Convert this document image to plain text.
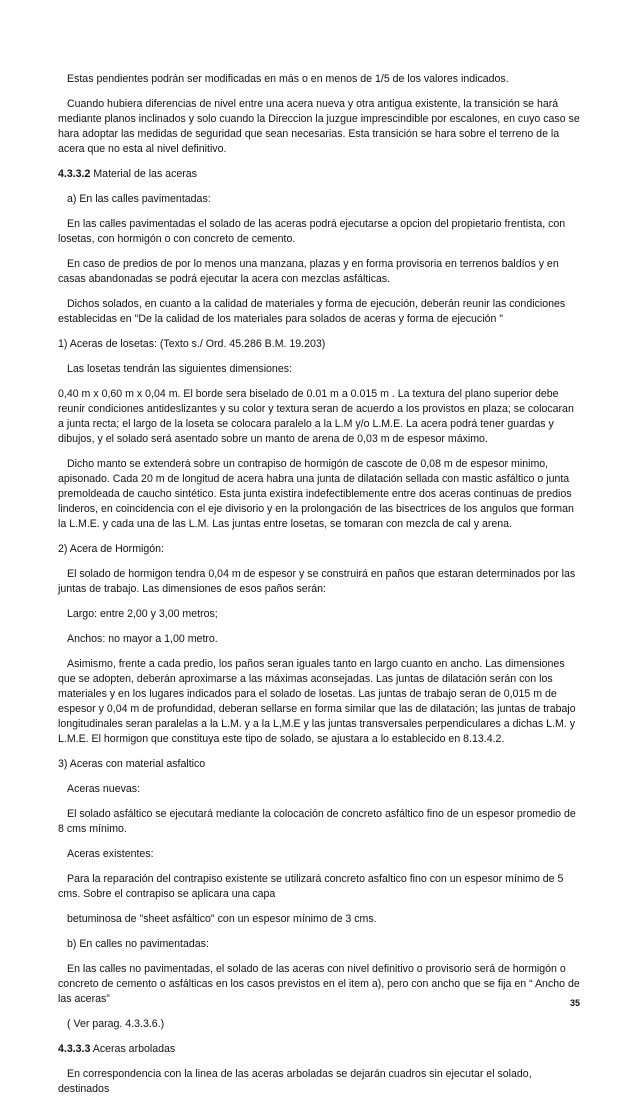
Estas pendientes podrán ser modificadas en más o en menos de 1/5 de los valores indicados.

Cuando hubiera diferencias de nivel entre una acera nueva y otra antigua existente, la transición se hará mediante planos inclinados y solo cuando la Direccion la juzgue imprescindible por escalones, en cuyo caso se hara adoptar las medidas de seguridad que sean necesarias. Esta transición se hara sobre el terreno de la acera que no esta al nivel definitivo.

4.3.3.2 Material de las aceras

a) En las calles pavimentadas:

En las calles pavimentadas el solado de las aceras podrá ejecutarse a opcion del propietario frentista, con losetas, con hormigón o con concreto de cemento.

En caso de predios de por lo menos una manzana, plazas y en forma provisoria en terrenos baldíos y en casas abandonadas se podrá ejecutar la acera con mezclas asfálticas.

Dichos solados, en cuanto a la calidad de materiales y forma de ejecución, deberán reunir las condiciones establecidas en "De la calidad de los materiales para solados de aceras y forma de ejecución "

1) Aceras de losetas: (Texto s./ Ord. 45.286 B.M. 19.203)

Las losetas tendrán las siguientes dimensiones:

0,40 m x 0,60 m x 0,04 m. El borde sera biselado de 0.01 m a 0.015 m . La textura del plano superior debe reunir condiciones antideslizantes y su color y textura seran de acuerdo a los provistos en plaza; se colocaran a junta recta; el largo de la loseta se colocara paralelo a la L.M y/o L.M.E. La acera podrá tener guardas y dibujos, y el solado será asentado sobre un manto de arena de 0,03 m de espesor máximo.

Dicho manto se extenderá sobre un contrapiso de hormigón de cascote de 0,08 m de espesor minimo, apisonado. Cada 20 m de longitud de acera habra una junta de dilatación sellada con mastic asfáltico o junta premoldeada de caucho sintético. Esta junta existira indefectiblemente entre dos aceras continuas de predios linderos, en coincidencia con el eje divisorio y en la prolongación de las bisectrices de los angulos que forman la L.M.E. y cada una de las L.M. Las juntas entre losetas, se tomaran con mezcla de cal y arena.

2) Acera de Hormigón:

El solado de hormigon tendra 0,04 m de espesor y se construirá en paños que estaran determinados por las juntas de trabajo. Las dimensiones de esos paños serán:

Largo: entre 2,00 y 3,00 metros;

Anchos: no mayor a 1,00 metro.

Asimismo, frente a cada predio, los paños seran iguales tanto en largo cuanto en ancho. Las dimensiones que se adopten, deberán aproximarse a las máximas aconsejadas. Las juntas de dilatación serán con los materiales y en los lugares indicados para el solado de losetas. Las juntas de trabajo seran de 0,015 m de espesor y 0,04 m de profundidad, deberan sellarse en forma similar que las de dilatación; las juntas de trabajo longitudinales seran paralelas a la L.M. y a la L,M.E y las juntas transversales perpendiculares a dichas L.M. y L.M.E. El hormigon que constituya este tipo de solado, se ajustara a lo establecido en 8.13.4.2.

3) Aceras con material asfaltico

Aceras nuevas:

El solado asfáltico se ejecutará mediante la colocación de concreto asfáltico fino de un espesor promedio de 8 cms mínimo.

Aceras existentes:

Para la reparación del contrapiso existente se utilizará concreto asfaltico fino con un espesor mínimo de 5 cms. Sobre el contrapiso se aplicara una capa

betuminosa de "sheet asfáltico" con un espesor mínimo de 3 cms.

b) En calles no pavimentadas:

En las calles no pavimentadas, el solado de las aceras con nivel definitivo o provisorio será de hormigón o concreto de cemento o asfálticas en los casos previstos en el item a), pero con ancho que se fija en “ Ancho de las aceras”

( Ver parag. 4.3.3.6.)

4.3.3.3 Aceras arboladas

En correspondencia con la linea de las aceras arboladas se dejarán cuadros sin ejecutar el solado, destinados

35
